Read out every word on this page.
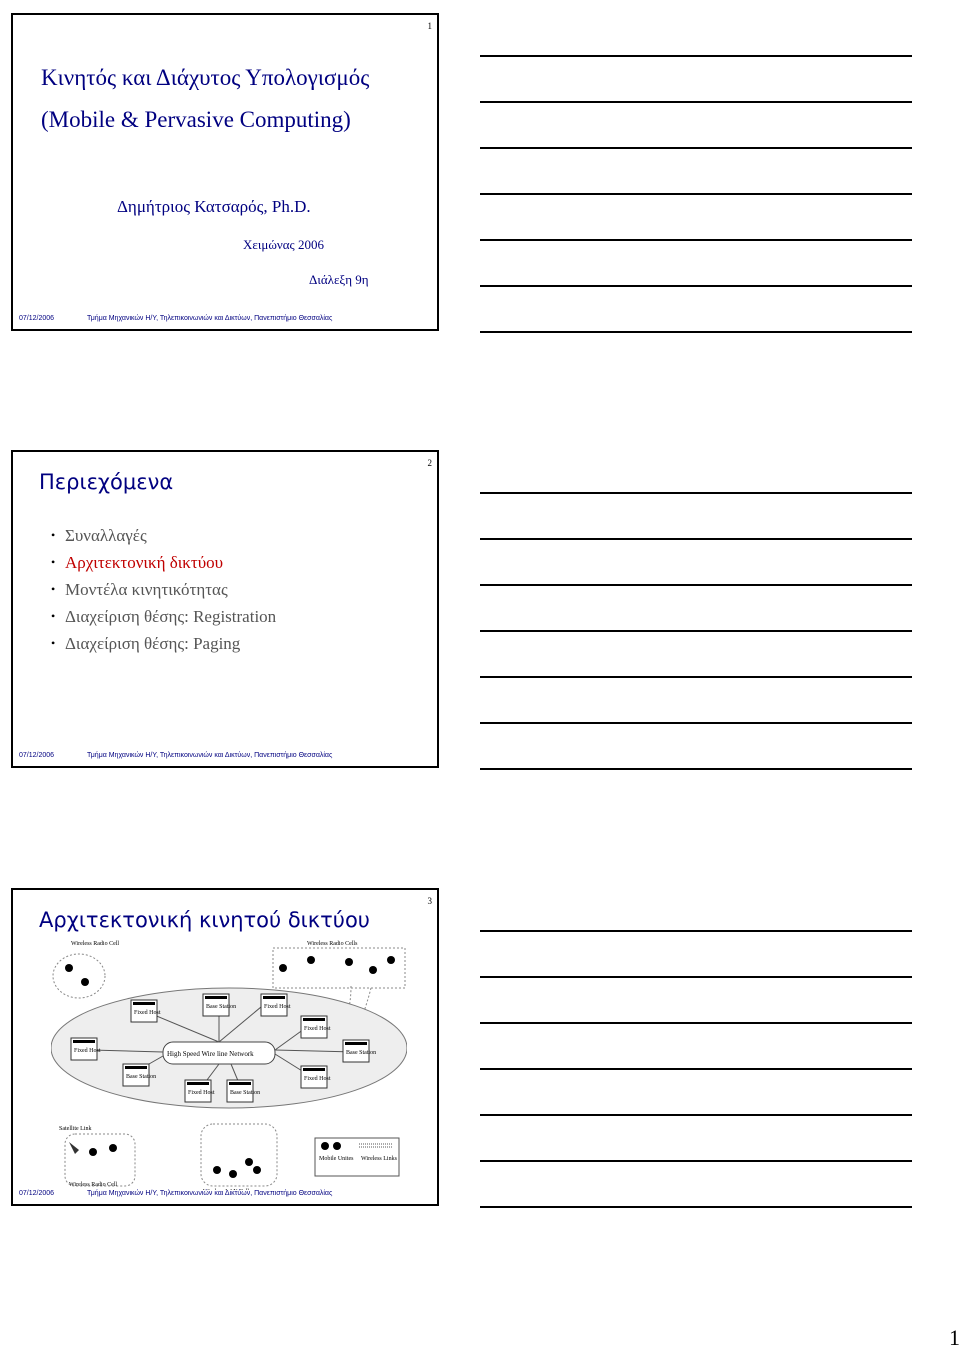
1
Κινητός και Διάχυτος Υπολογισμός
(Mobile & Pervasive Computing)
Δημήτριος Κατσαρός, Ph.D.
Χειμώνας 2006
Διάλεξη 9η
07/12/2006	Τμήμα Μηχανικών Η/Υ, Τηλεπικοινωνιών και Δικτύων, Πανεπιστήμιο Θεσσαλίας
2
Περιεχόμενα
• Συναλλαγές
• Αρχιτεκτονική δικτύου
• Μοντέλα κινητικότητας
• Διαχείριση θέσης: Registration
• Διαχείριση θέσης: Paging
07/12/2006	Τμήμα Μηχανικών Η/Υ, Τηλεπικοινωνιών και Δικτύων, Πανεπιστήμιο Θεσσαλίας
3
Αρχιτεκτονική κινητού δικτύου
Wireless Radio Cell	Wireless Radio Cells
High Speed Wire line Network
Fixed Host
Base Station	Fixed Host
Fixed Host
Fixed Host	Base Station
Base Station	Fixed Host
Fixed Host	Base Station
Satellite Link
Wireless Radio Cell
Mobile Unites Wireless Links
07/12/2006	Τμήμα Μηχανικών Η/Υ, Τηλεπικοινωνιών και Δικτύων, Πανεπιστήμιο Θεσσαλίας
1
